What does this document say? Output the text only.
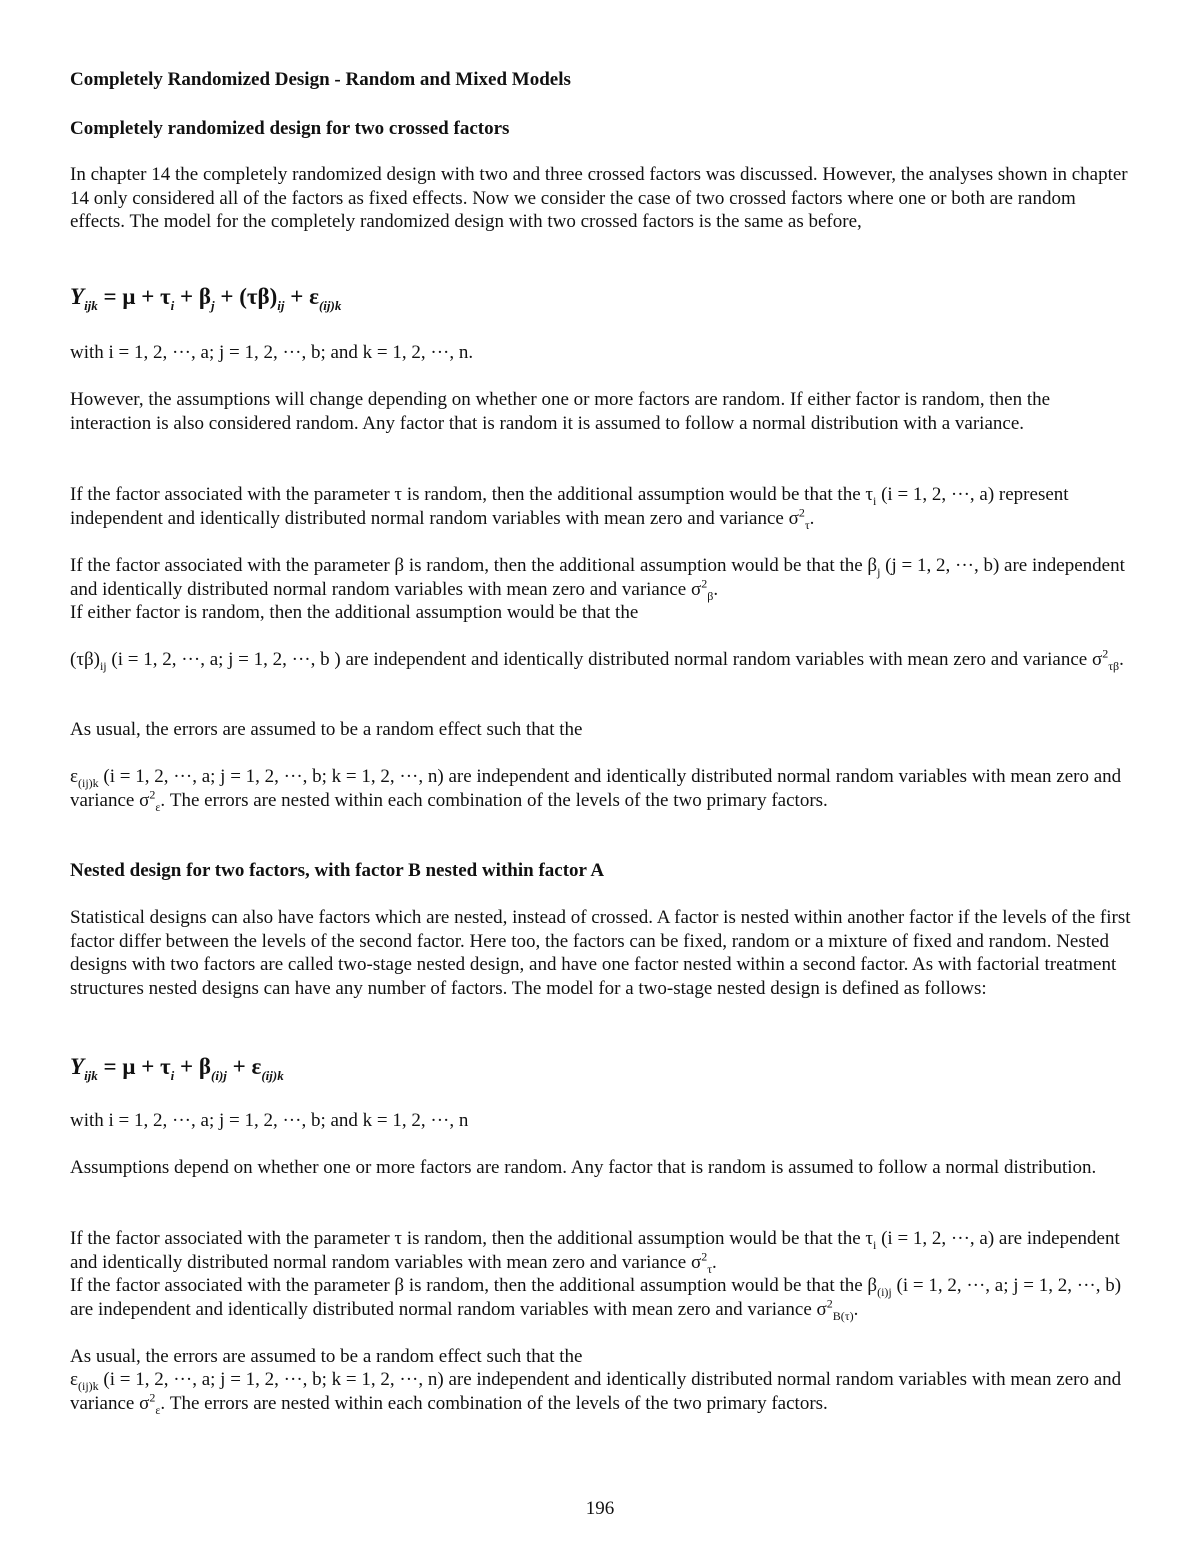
Completely Randomized Design - Random and Mixed Models
Completely randomized design for two crossed factors

In chapter 14 the completely randomized design with two and three crossed factors was discussed. However, the analyses shown in chapter 14 only considered all of the factors as fixed effects. Now we consider the case of two crossed factors where one or both are random effects. The model for the completely randomized design with two crossed factors is the same as before,

$Y_{ijk} = \mu + \tau_i + \beta_j + (\tau\beta)_{ij} + \varepsilon_{(ij)k}$

with i = 1, 2, ···, a; j = 1, 2, ···, b; and k = 1, 2, ···, n.

However, the assumptions will change depending on whether one or more factors are random. If either factor is random, then the interaction is also considered random. Any factor that is random it is assumed to follow a normal distribution with a variance.

If the factor associated with the parameter τ is random, then the additional assumption would be that the $\tau_i$ (i = 1, 2, ···, a) represent independent and identically distributed normal random variables with mean zero and variance $\sigma^2_\tau$.

If the factor associated with the parameter β is random, then the additional assumption would be that the $\beta_j$ (j = 1, 2, ···, b) are independent and identically distributed normal random variables with mean zero and variance $\sigma^2_\beta$.

If either factor is random, then the additional assumption would be that the

$(\tau\beta)_{ij}$ (i = 1, 2, ···, a; j = 1, 2, ···, b ) are independent and identically distributed normal random variables with mean zero and variance $\sigma^2_{\tau\beta}$.

As usual, the errors are assumed to be a random effect such that the

$\varepsilon_{(ij)k}$ (i = 1, 2, ···, a; j = 1, 2, ···, b; k = 1, 2, ···, n) are independent and identically distributed normal random variables with mean zero and variance $\sigma^2_\varepsilon$. The errors are nested within each combination of the levels of the two primary factors.

Nested design for two factors, with factor B nested within factor A

Statistical designs can also have factors which are nested, instead of crossed. A factor is nested within another factor if the levels of the first factor differ between the levels of the second factor. Here too, the factors can be fixed, random or a mixture of fixed and random. Nested designs with two factors are called two-stage nested design, and have one factor nested within a second factor. As with factorial treatment structures nested designs can have any number of factors. The model for a two-stage nested design is defined as follows:

$Y_{ijk} = \mu + \tau_i + \beta_{(i)j} + \varepsilon_{(ij)k}$

with i = 1, 2, ···, a; j = 1, 2, ···, b; and k = 1, 2, ···, n

Assumptions depend on whether one or more factors are random. Any factor that is random is assumed to follow a normal distribution.

If the factor associated with the parameter τ is random, then the additional assumption would be that the $\tau_i$ (i = 1, 2, ···, a) are independent and identically distributed normal random variables with mean zero and variance $\sigma^2_\tau$.

If the factor associated with the parameter β is random, then the additional assumption would be that the $\beta_{(i)j}$ (i = 1, 2, ···, a; j = 1, 2, ···, b) are independent and identically distributed normal random variables with mean zero and variance $\sigma^2_{B(\tau)}$.

As usual, the errors are assumed to be a random effect such that the

$\varepsilon_{(ij)k}$ (i = 1, 2, ···, a; j = 1, 2, ···, b; k = 1, 2, ···, n) are independent and identically distributed normal random variables with mean zero and variance $\sigma^2_\varepsilon$. The errors are nested within each combination of the levels of the two primary factors.

196
